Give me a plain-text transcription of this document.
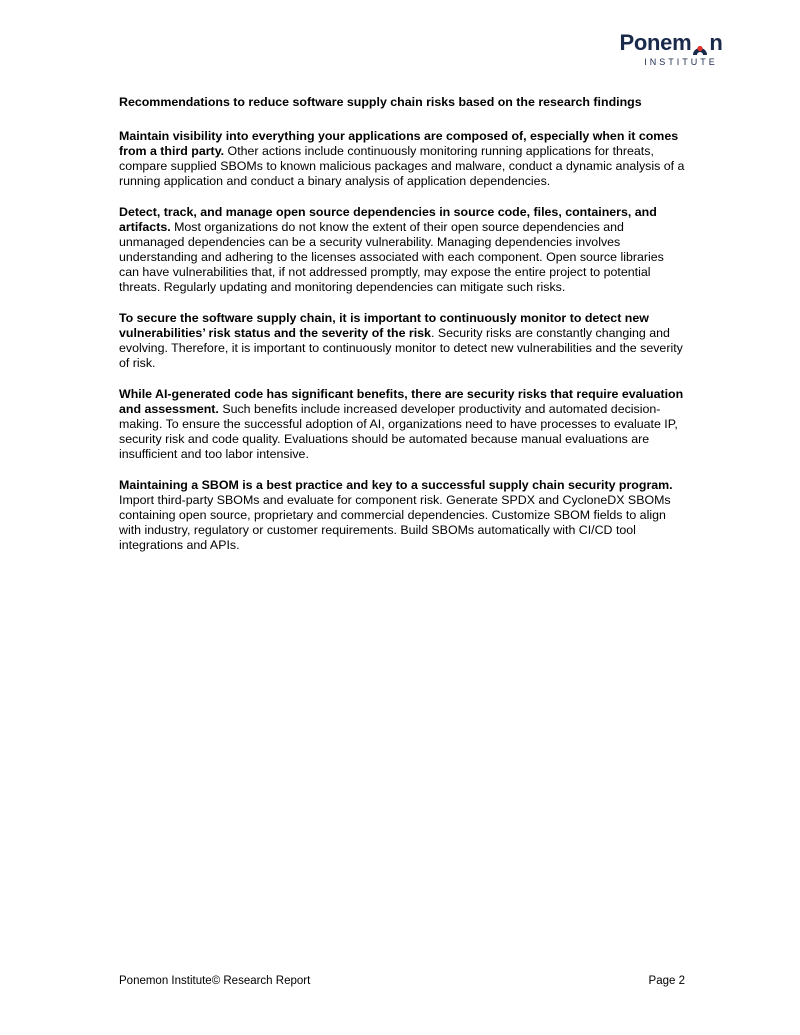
Ponem n
INSTITUTE
Recommendations to reduce software supply chain risks based on the research findings

Maintain visibility into everything your applications are composed of, especially when it comes from a third party. Other actions include continuously monitoring running applications for threats, compare supplied SBOMs to known malicious packages and malware, conduct a dynamic analysis of a running application and conduct a binary analysis of application dependencies.

Detect, track, and manage open source dependencies in source code, files, containers, and artifacts. Most organizations do not know the extent of their open source dependencies and unmanaged dependencies can be a security vulnerability. Managing dependencies involves understanding and adhering to the licenses associated with each component. Open source libraries can have vulnerabilities that, if not addressed promptly, may expose the entire project to potential threats. Regularly updating and monitoring dependencies can mitigate such risks.

To secure the software supply chain, it is important to continuously monitor to detect new vulnerabilities’ risk status and the severity of the risk. Security risks are constantly changing and evolving. Therefore, it is important to continuously monitor to detect new vulnerabilities and the severity of risk.

While AI-generated code has significant benefits, there are security risks that require evaluation and assessment. Such benefits include increased developer productivity and automated decision-making. To ensure the successful adoption of AI, organizations need to have processes to evaluate IP, security risk and code quality. Evaluations should be automated because manual evaluations are insufficient and too labor intensive.

Maintaining a SBOM is a best practice and key to a successful supply chain security program. Import third-party SBOMs and evaluate for component risk. Generate SPDX and CycloneDX SBOMs containing open source, proprietary and commercial dependencies. Customize SBOM fields to align with industry, regulatory or customer requirements. Build SBOMs automatically with CI/CD tool integrations and APIs.

Ponemon Institute© Research Report	Page 2
